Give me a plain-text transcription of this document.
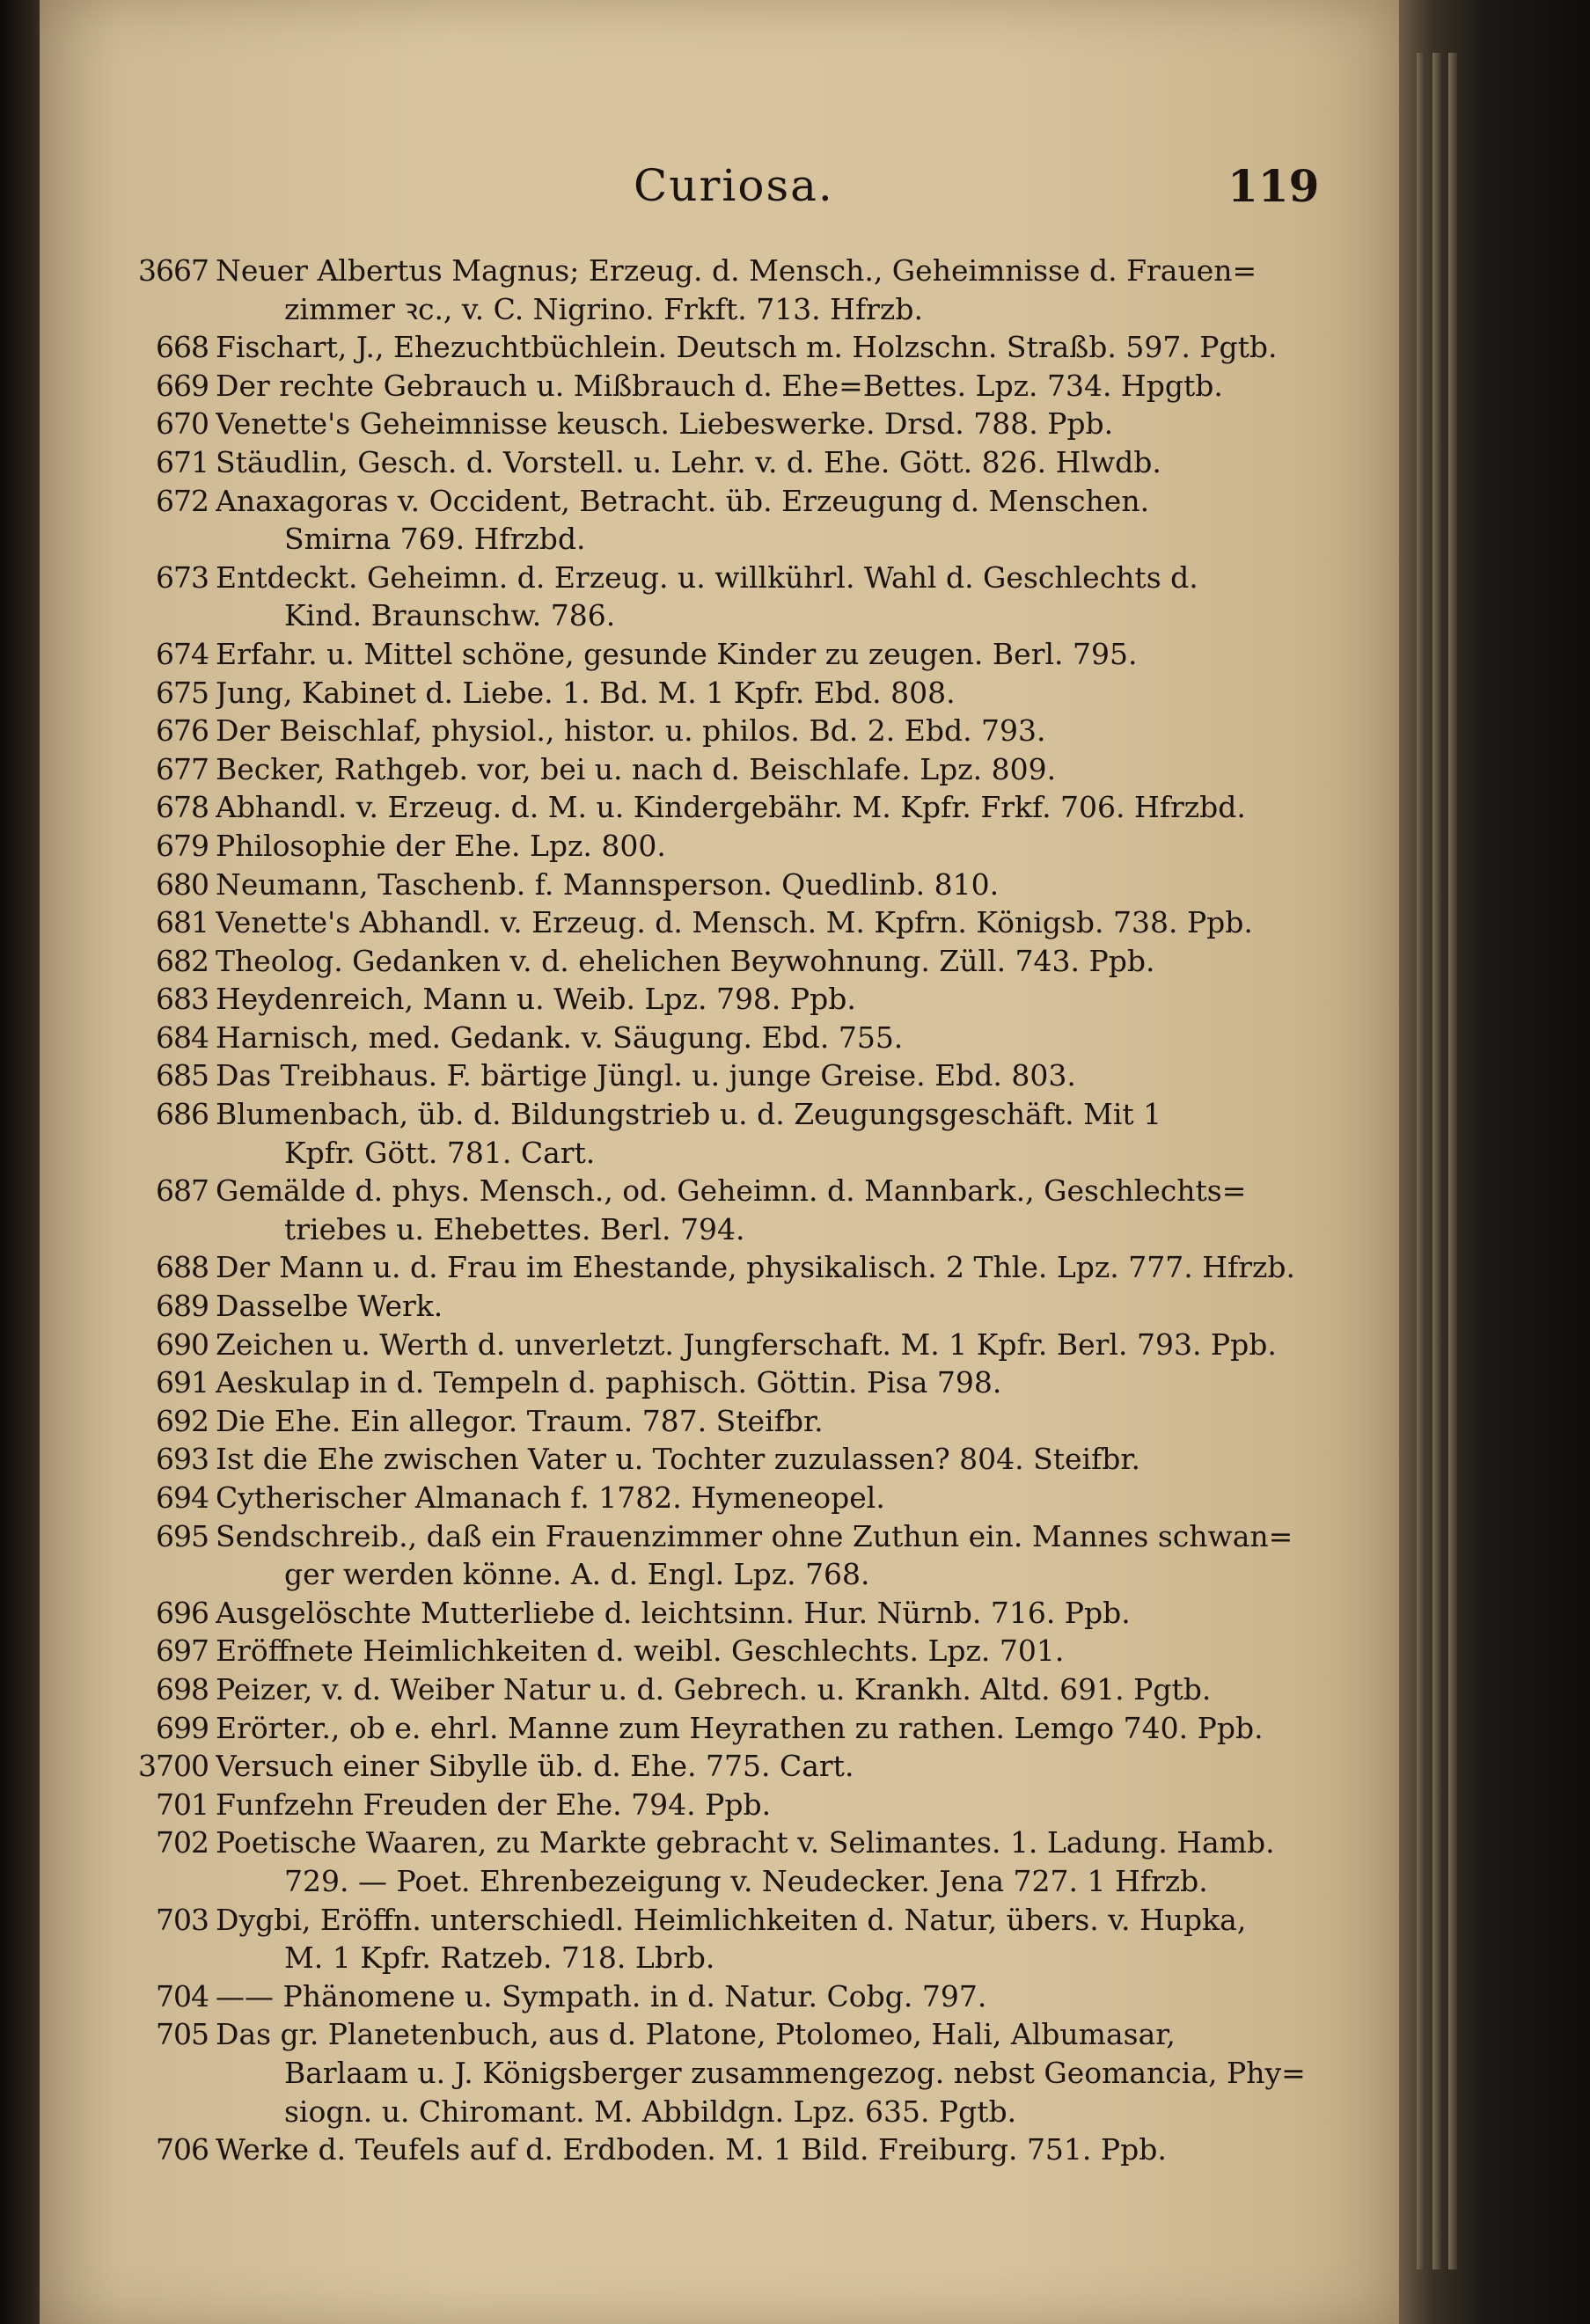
Curiosa.	119
3667 Neuer Albertus Magnus; Erzeug. d. Mensch., Geheimnisse d. Frauen=
zimmer ꝛc., v. C. Nigrino. Frkft. 713. Hfrzb.
668 Fischart, J., Ehezuchtbüchlein. Deutsch m. Holzschn. Straßb. 597. Pgtb.
669 Der rechte Gebrauch u. Mißbrauch d. Ehe=Bettes. Lpz. 734. Hpgtb.
670 Venette's Geheimnisse keusch. Liebeswerke. Drsd. 788. Ppb.
671 Stäudlin, Gesch. d. Vorstell. u. Lehr. v. d. Ehe. Gött. 826. Hlwdb.
672 Anaxagoras v. Occident, Betracht. üb. Erzeugung d. Menschen.
Smirna 769. Hfrzbd.
673 Entdeckt. Geheimn. d. Erzeug. u. willkührl. Wahl d. Geschlechts d.
Kind. Braunschw. 786.
674 Erfahr. u. Mittel schöne, gesunde Kinder zu zeugen. Berl. 795.
675 Jung, Kabinet d. Liebe. 1. Bd. M. 1 Kpfr. Ebd. 808.
676 Der Beischlaf, physiol., histor. u. philos. Bd. 2. Ebd. 793.
677 Becker, Rathgeb. vor, bei u. nach d. Beischlafe. Lpz. 809.
678 Abhandl. v. Erzeug. d. M. u. Kindergebähr. M. Kpfr. Frkf. 706. Hfrzbd.
679 Philosophie der Ehe. Lpz. 800.
680 Neumann, Taschenb. f. Mannsperson. Quedlinb. 810.
681 Venette's Abhandl. v. Erzeug. d. Mensch. M. Kpfrn. Königsb. 738. Ppb.
682 Theolog. Gedanken v. d. ehelichen Beywohnung. Züll. 743. Ppb.
683 Heydenreich, Mann u. Weib. Lpz. 798. Ppb.
684 Harnisch, med. Gedank. v. Säugung. Ebd. 755.
685 Das Treibhaus. F. bärtige Jüngl. u. junge Greise. Ebd. 803.
686 Blumenbach, üb. d. Bildungstrieb u. d. Zeugungsgeschäft. Mit 1
Kpfr. Gött. 781. Cart.
687 Gemälde d. phys. Mensch., od. Geheimn. d. Mannbark., Geschlechts=
triebes u. Ehebettes. Berl. 794.
688 Der Mann u. d. Frau im Ehestande, physikalisch. 2 Thle. Lpz. 777. Hfrzb.
689 Dasselbe Werk.
690 Zeichen u. Werth d. unverletzt. Jungferschaft. M. 1 Kpfr. Berl. 793. Ppb.
691 Aeskulap in d. Tempeln d. paphisch. Göttin. Pisa 798.
692 Die Ehe. Ein allegor. Traum. 787. Steifbr.
693 Ist die Ehe zwischen Vater u. Tochter zuzulassen? 804. Steifbr.
694 Cytherischer Almanach f. 1782. Hymeneopel.
695 Sendschreib., daß ein Frauenzimmer ohne Zuthun ein. Mannes schwan=
ger werden könne. A. d. Engl. Lpz. 768.
696 Ausgelöschte Mutterliebe d. leichtsinn. Hur. Nürnb. 716. Ppb.
697 Eröffnete Heimlichkeiten d. weibl. Geschlechts. Lpz. 701.
698 Peizer, v. d. Weiber Natur u. d. Gebrech. u. Krankh. Altd. 691. Pgtb.
699 Erörter., ob e. ehrl. Manne zum Heyrathen zu rathen. Lemgo 740. Ppb.
3700 Versuch einer Sibylle üb. d. Ehe. 775. Cart.
701 Funfzehn Freuden der Ehe. 794. Ppb.
702 Poetische Waaren, zu Markte gebracht v. Selimantes. 1. Ladung. Hamb.
729. — Poet. Ehrenbezeigung v. Neudecker. Jena 727. 1 Hfrzb.
703 Dygbi, Eröffn. unterschiedl. Heimlichkeiten d. Natur, übers. v. Hupka,
M. 1 Kpfr. Ratzeb. 718. Lbrb.
704 —— Phänomene u. Sympath. in d. Natur. Cobg. 797.
705 Das gr. Planetenbuch, aus d. Platone, Ptolomeo, Hali, Albumasar,
Barlaam u. J. Königsberger zusammengezog. nebst Geomancia, Phy=
siogn. u. Chiromant. M. Abbildgn. Lpz. 635. Pgtb.
706 Werke d. Teufels auf d. Erdboden. M. 1 Bild. Freiburg. 751. Ppb.
